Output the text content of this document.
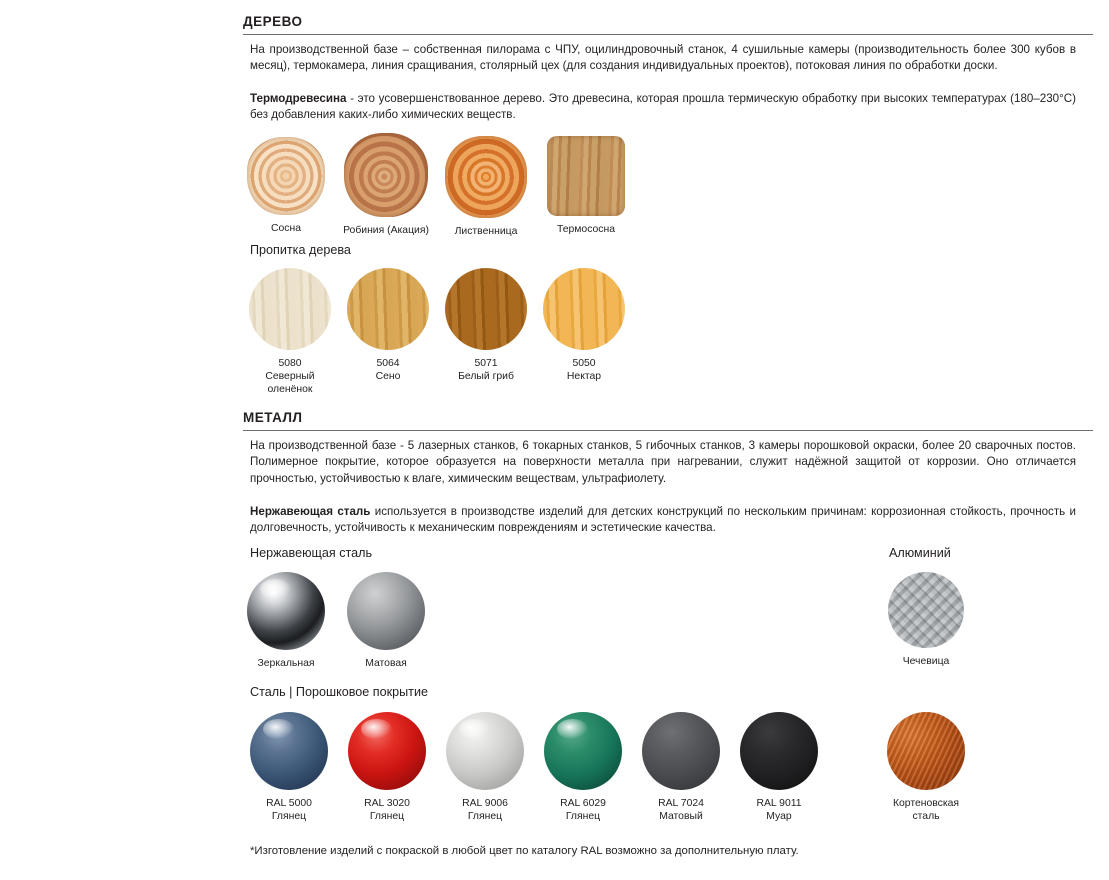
ДЕРЕВО
На производственной базе – собственная пилорама с ЧПУ, оцилиндровочный станок, 4 сушильные камеры (производительность более 300 кубов в месяц), термокамера, линия сращивания, столярный цех (для создания индивидуальных проектов), потоковая линия по обработки доски.
Термодревесина - это усовершенствованное дерево. Это древесина, которая прошла термическую обработку при высоких температурах (180–230°C) без добавления каких-либо химических веществ.
Сосна	Робиния (Акация)	Лиственница	Термососна
Пропитка дерева
5080
Северный
оленёнок
5064
Сено
5071
Белый гриб
5050
Нектар
МЕТАЛЛ
На производственной базе - 5 лазерных станков, 6 токарных станков, 5 гибочных станков, 3 камеры порошковой окраски, более 20 сварочных постов. Полимерное покрытие, которое образуется на поверхности металла при нагревании, служит надёжной защитой от коррозии. Оно отличается прочностью, устойчивостью к влаге, химическим веществам, ультрафиолету.
Нержавеющая сталь используется в производстве изделий для детских конструкций по нескольким причинам: коррозионная стойкость, прочность и долговечность, устойчивость к механическим повреждениям и эстетические качества.
Нержавеющая сталь	Алюминий
Зеркальная	Матовая	Чечевица
Сталь | Порошковое покрытие
RAL 5000
Глянец
RAL 3020
Глянец
RAL 9006
Глянец
RAL 6029
Глянец
RAL 7024
Матовый
RAL 9011
Муар
Кортеновская
сталь
*Изготовление изделий с покраской в любой цвет по каталогу RAL возможно за дополнительную плату.
